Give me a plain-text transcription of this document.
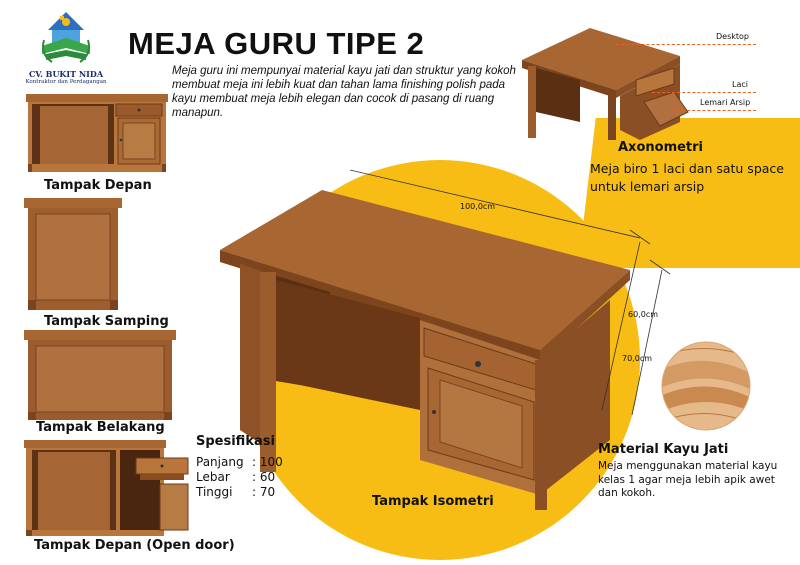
CV. BUKIT NIDA
Kontraktor dan Perdagangan
MEJA GURU TIPE 2
Meja guru ini mempunyai material kayu jati dan struktur yang kokoh membuat meja ini lebih kuat dan tahan lama finishing polish pada kayu membuat meja lebih elegan dan cocok di pasang di ruang manapun.
Tampak Depan
Tampak Samping
Tampak Belakang
Tampak Depan (Open door)
Tampak Isometri
100,0cm
60,0cm
70,0cm
Desktop
Laci
Lemari Arsip
Axonometri
Meja biro 1 laci dan satu space untuk lemari arsip
Spesifikasi
Panjang : 100
Lebar	: 60
Tinggi	: 70
Material Kayu Jati
Meja menggunakan material kayu kelas 1 agar meja lebih apik awet dan kokoh.
